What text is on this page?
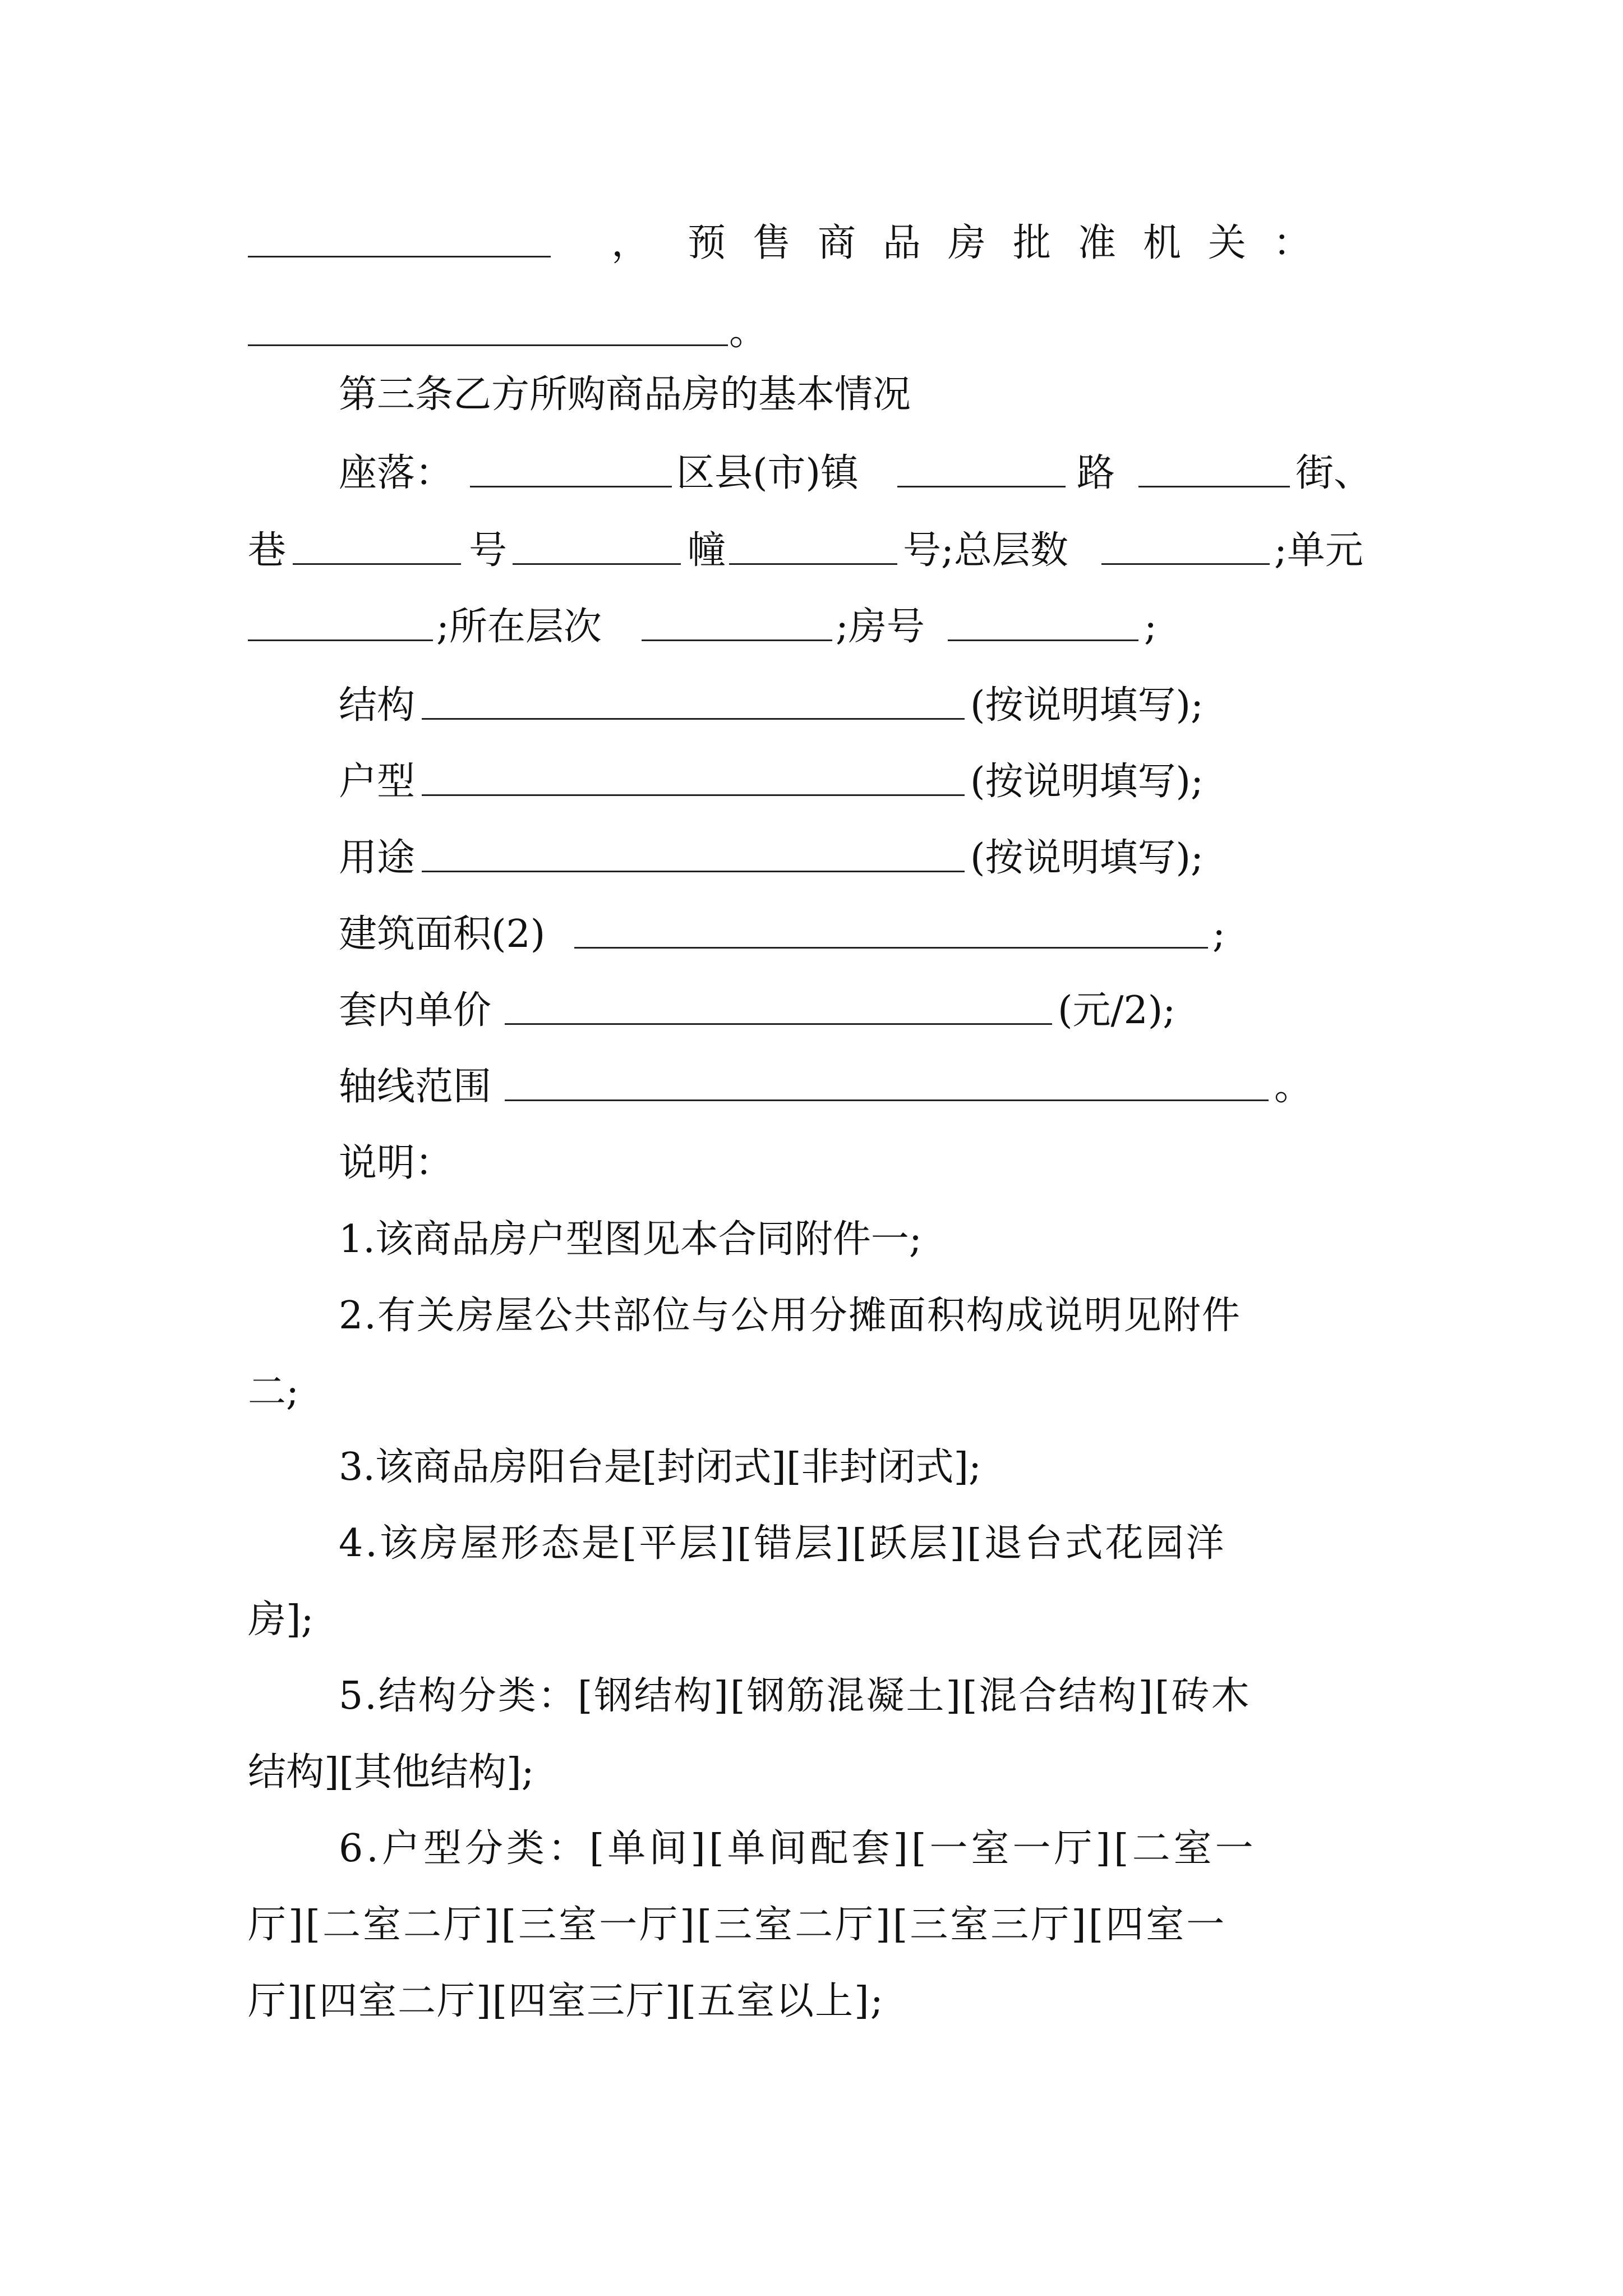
， 预售商品房批准机关：
。
第三条乙方所购商品房的基本情况
座落：	区县(市)镇	路	街、
巷	号	幢	号;总层数	;单元
;所在层次	;房号	;
结构	(按说明填写);
户型	(按说明填写);
用途	(按说明填写);
建筑面积(2)	;
套内单价	(元/2);
轴线范围	。
说明：
1.该商品房户型图见本合同附件一;
2.有关房屋公共部位与公用分摊面积构成说明见附件
二;
3.该商品房阳台是[封闭式][非封闭式];
4.该房屋形态是[平层][错层][跃层][退台式花园洋
房];
5.结构分类：[钢结构][钢筋混凝土][混合结构][砖木
结构][其他结构];
6.户型分类：[单间][单间配套][一室一厅][二室一
厅][二室二厅][三室一厅][三室二厅][三室三厅][四室一
厅][四室二厅][四室三厅][五室以上];
